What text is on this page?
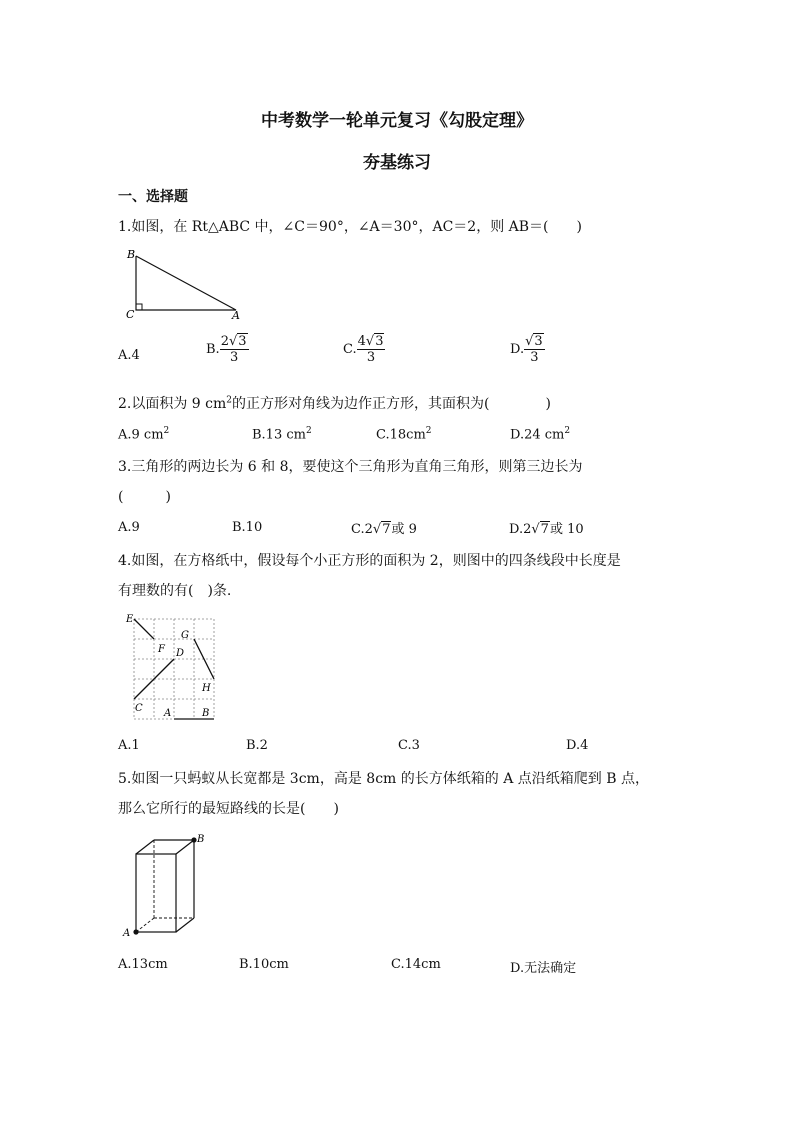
中考数学一轮单元复习《勾股定理》
夯基练习
一、选择题
1.如图，在 Rt△ABC 中，∠C＝90°，∠A＝30°，AC＝2，则 AB＝(　　)
B
C	A
A.4	B. $\frac{2√3}{3}$	C. $\frac{4√3}{3}$	D. $\frac{√3}{3}$
2.以面积为 9 $cm^2$的正方形对角线为边作正方形，其面积为(　　　　)
A.9 $cm^2$	B.13 $cm^2$	$C.18cm^2$	D.24 $cm^2$
3.三角形的两边长为 6 和 8，要使这个三角形为直角三角形，则第三边长为
(　　　)
A.9	B.10	C.2√7或 9	D.2√7或 10
4.如图，在方格纸中，假设每个小正方形的面积为 2，则图中的四条线段中长度是
有理数的有(　)条.
E
G
F D
H
C A	B
A.1	B.2	C.3	D.4
5.如图一只蚂蚁从长宽都是 3cm，高是 8cm 的长方体纸箱的 A 点沿纸箱爬到 B 点，
那么它所行的最短路线的长是(　　)
A
B
A.13cm	B.10cm	C.14cm	D.无法确定
